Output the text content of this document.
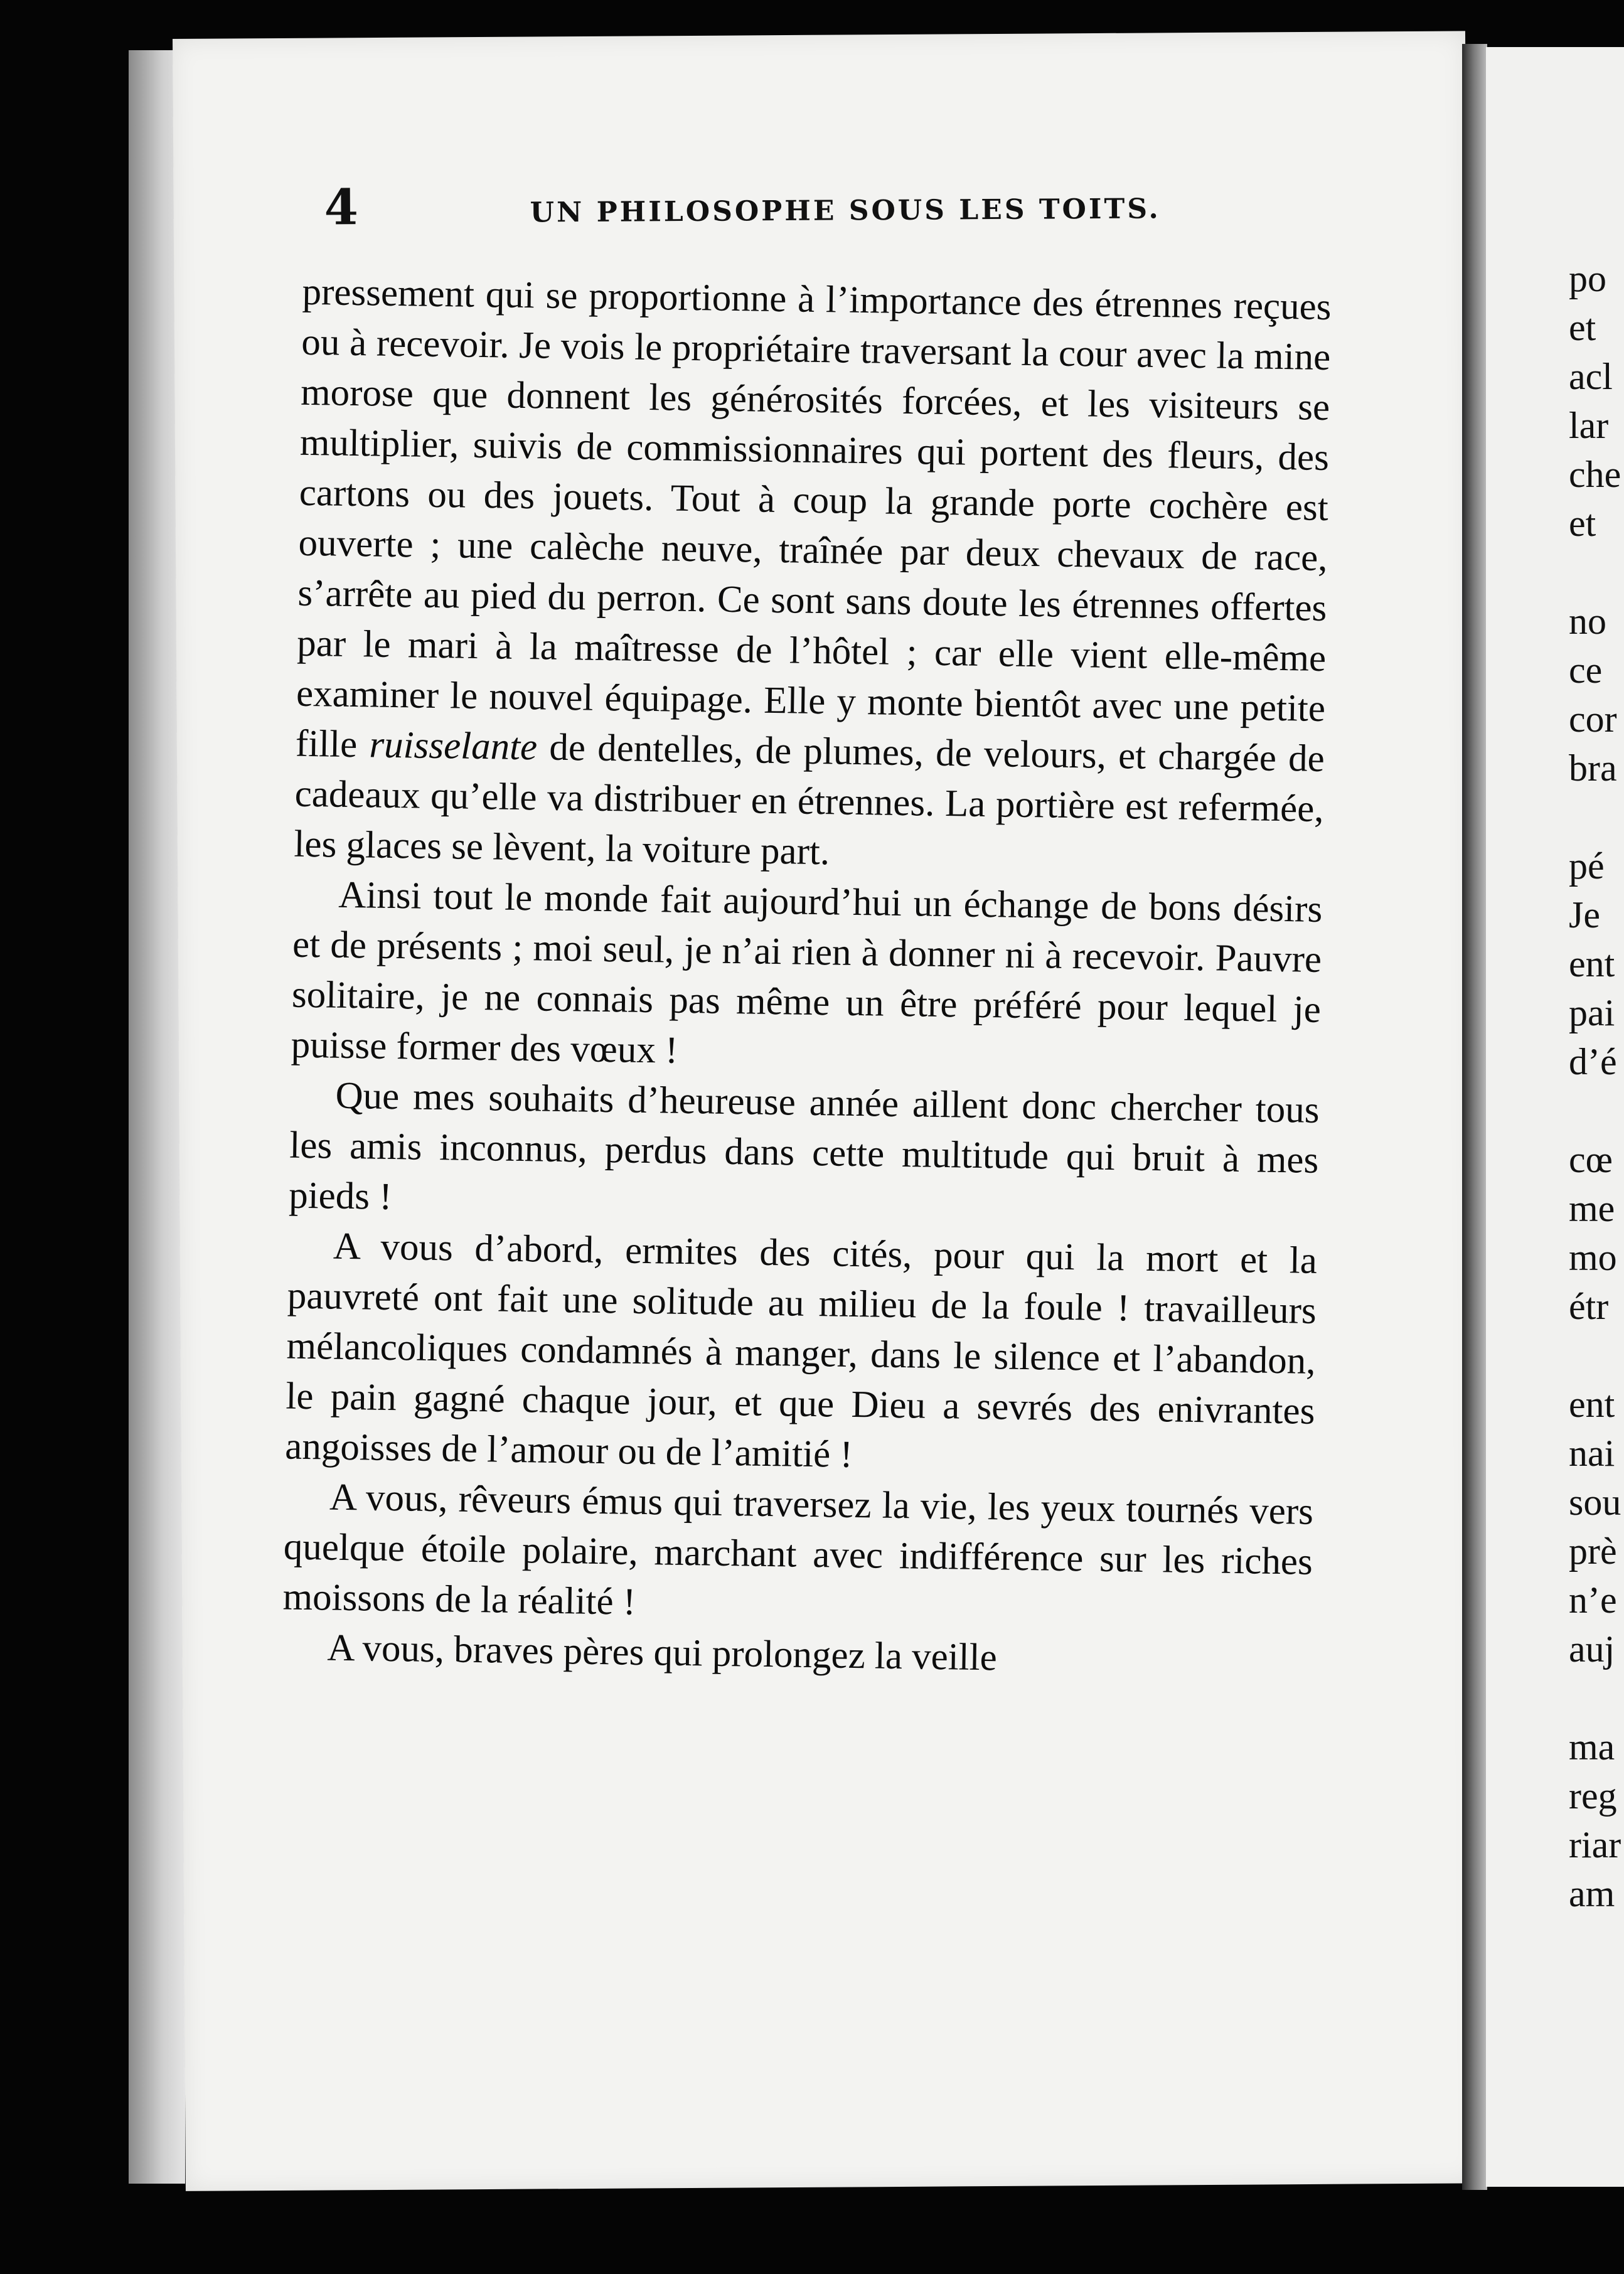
4	UN PHILOSOPHE SOUS LES TOITS.

pressement qui se proportionne à l’importance des étrennes reçues ou à recevoir. Je vois le propriétaire traversant la cour avec la mine morose que donnent les générosités forcées, et les visiteurs se multiplier, suivis de commissionnaires qui portent des fleurs, des cartons ou des jouets. Tout à coup la grande porte cochère est ouverte ; une calèche neuve, traînée par deux chevaux de race, s’arrête au pied du perron. Ce sont sans doute les étrennes offertes par le mari à la maîtresse de l’hôtel ; car elle vient elle-même examiner le nouvel équipage. Elle y monte bientôt avec une petite fille ruisselante de dentelles, de plumes, de velours, et chargée de cadeaux qu’elle va distribuer en étrennes. La portière est refermée, les glaces se lèvent, la voiture part.

Ainsi tout le monde fait aujourd’hui un échange de bons désirs et de présents ; moi seul, je n’ai rien à donner ni à recevoir. Pauvre solitaire, je ne connais pas même un être préféré pour lequel je puisse former des vœux !

Que mes souhaits d’heureuse année aillent donc chercher tous les amis inconnus, perdus dans cette multitude qui bruit à mes pieds !

A vous d’abord, ermites des cités, pour qui la mort et la pauvreté ont fait une solitude au milieu de la foule ! travailleurs mélancoliques condamnés à manger, dans le silence et l’abandon, le pain gagné chaque jour, et que Dieu a sevrés des enivrantes angoisses de l’amour ou de l’amitié !

A vous, rêveurs émus qui traversez la vie, les yeux tournés vers quelque étoile polaire, marchant avec indifférence sur les riches moissons de la réalité !

A vous, braves pères qui prolongez la veille

po
et
acl
lar
che
et
no
ce
cor
bra
pé
Je
ent
pai
d’é
cœ
me
mo
étr
ent
nai
sou
prè
n’e
auj
ma
reg
riar
am
